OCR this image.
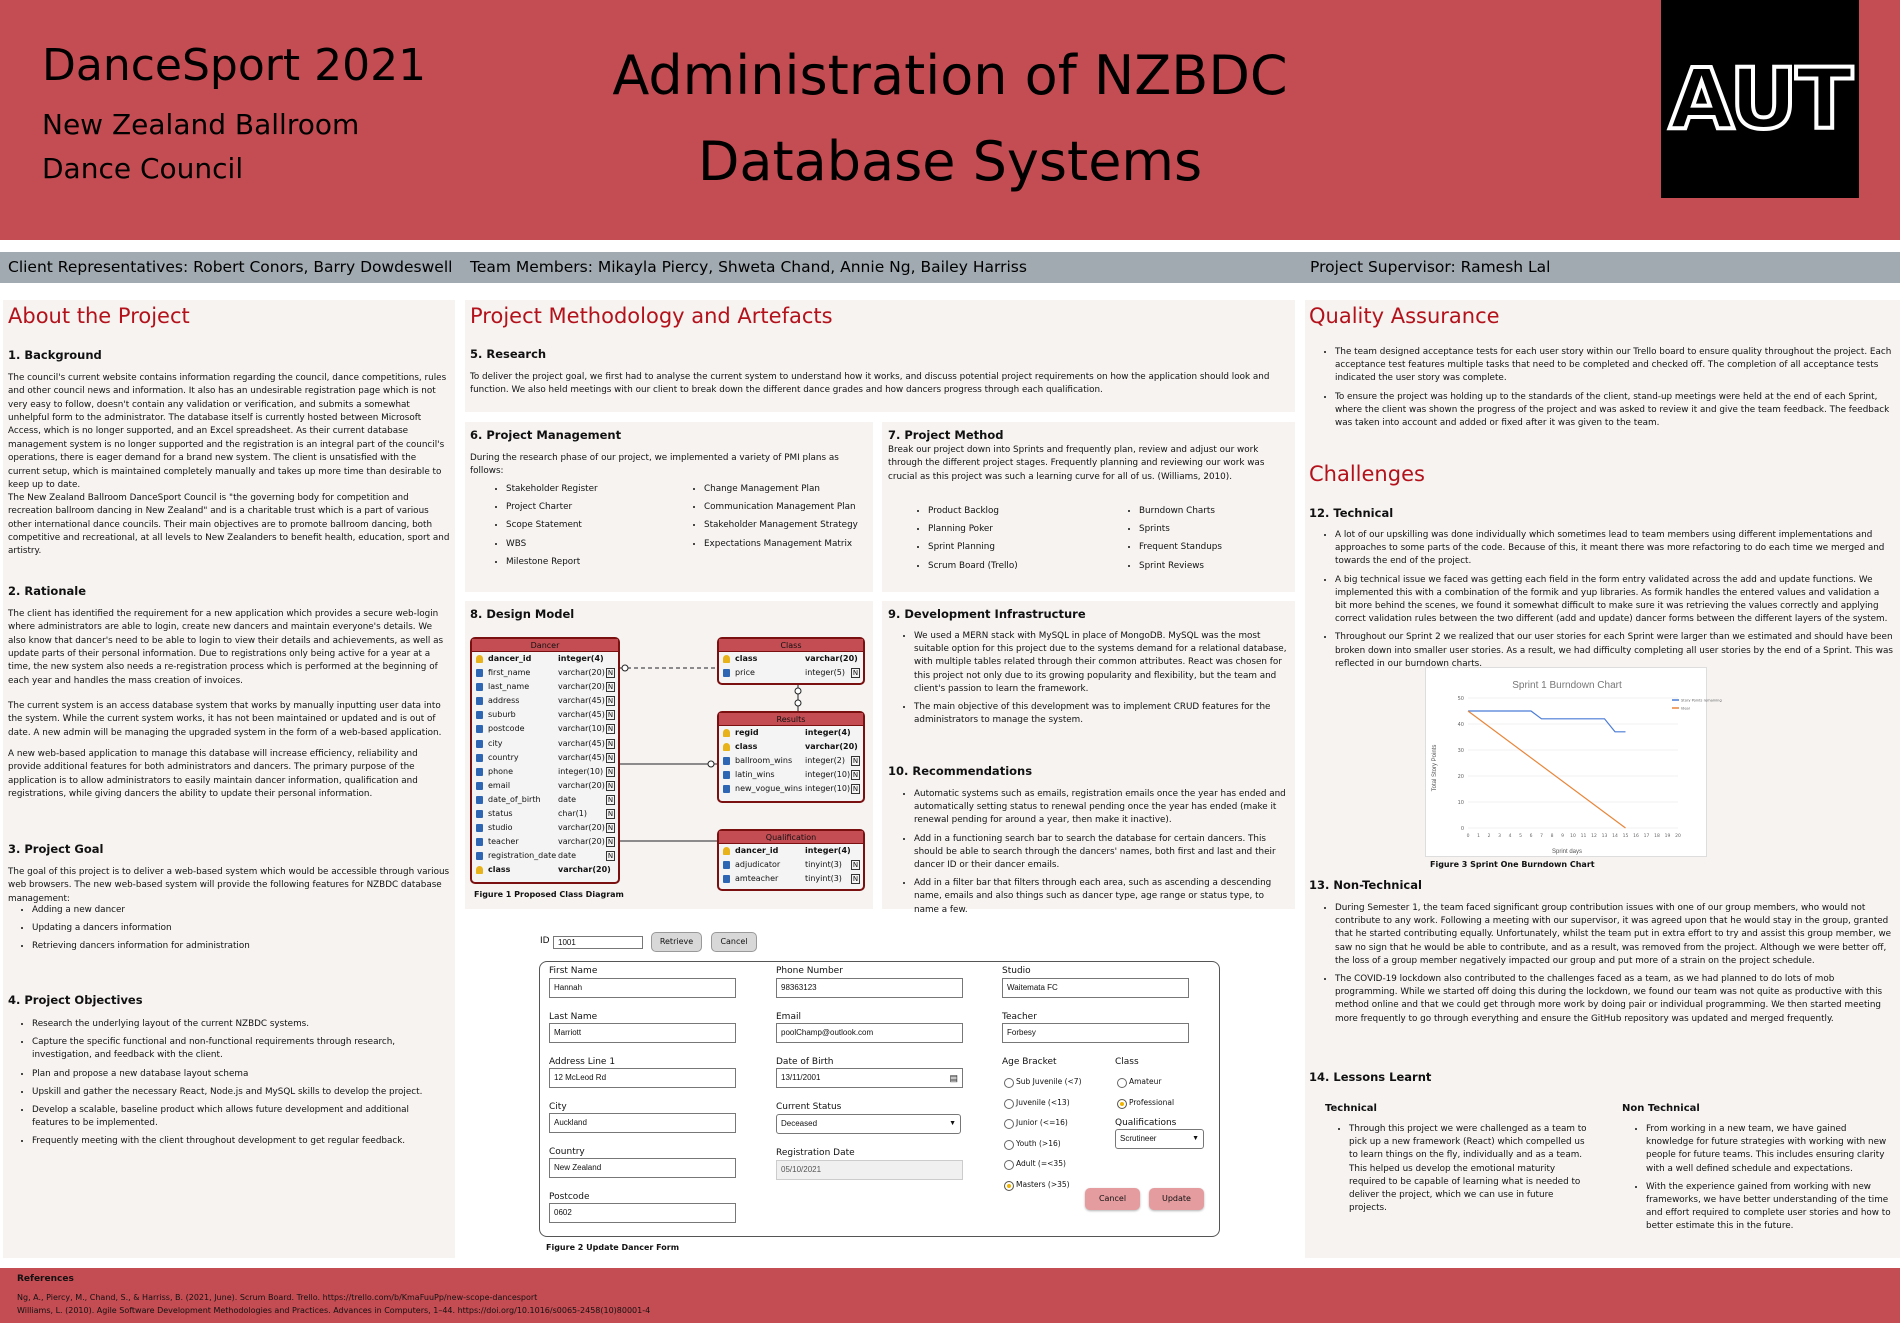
DanceSport 2021
New Zealand Ballroom
Dance Council
Administration of NZBDC
Database Systems
AUT
Client Representatives: Robert Conors, Barry Dowdeswell Team Members: Mikayla Piercy, Shweta Chand, Annie Ng, Bailey Harriss	Project Supervisor: Ramesh Lal
About the Project
1. Background

The council's current website contains information regarding the council, dance competitions, rules and other council news and information. It also has an undesirable registration page which is not very easy to follow, doesn't contain any validation or verification, and submits a somewhat unhelpful form to the administrator. The database itself is currently hosted between Microsoft Access, which is no longer supported, and an Excel spreadsheet. As their current database management system is no longer supported and the registration is an integral part of the council's operations, there is eager demand for a brand new system. The client is unsatisfied with the current setup, which is maintained completely manually and takes up more time than desirable to keep up to date.

The New Zealand Ballroom DanceSport Council is "the governing body for competition and recreation ballroom dancing in New Zealand" and is a charitable trust which is a part of various other international dance councils. Their main objectives are to promote ballroom dancing, both competitive and recreational, at all levels to New Zealanders to benefit health, education, sport and artistry.

2. Rationale

The client has identified the requirement for a new application which provides a secure web-login where administrators are able to login, create new dancers and maintain everyone's details. We also know that dancer's need to be able to login to view their details and achievements, as well as update parts of their personal information. Due to registrations only being active for a year at a time, the new system also needs a re-registration process which is performed at the beginning of each year and handles the mass creation of invoices.

The current system is an access database system that works by manually inputting user data into the system. While the current system works, it has not been maintained or updated and is out of date. A new admin will be managing the upgraded system in the form of a web-based application.

A new web-based application to manage this database will increase efficiency, reliability and provide additional features for both administrators and dancers. The primary purpose of the application is to allow administrators to easily maintain dancer information, qualification and registrations, while giving dancers the ability to update their personal information.

3. Project Goal

The goal of this project is to deliver a web-based system which would be accessible through various web browsers. The new web-based system will provide the following features for NZBDC database management:

• Adding a new dancer
• Updating a dancers information
• Retrieving dancers information for administration
4. Project Objectives
• Research the underlying layout of the current NZBDC systems.
• Capture the specific functional and non-functional requirements through research, investigation, and feedback with the client.
• Plan and propose a new database layout schema
• Upskill and gather the necessary React, Node.js and MySQL skills to develop the project.
• Develop a scalable, baseline product which allows future development and additional features to be implemented.
• Frequently meeting with the client throughout development to get regular feedback.
Project Methodology and Artefacts
5. Research

To deliver the project goal, we first had to analyse the current system to understand how it works, and discuss potential project requirements on how the application should look and function. We also held meetings with our client to break down the different dance grades and how dancers progress through each qualification.

6. Project Management

During the research phase of our project, we implemented a variety of PMI plans as follows:

• Stakeholder Register
• Project Charter
• Scope Statement
• WBS
• Milestone Report
• Change Management Plan
• Communication Management Plan
• Stakeholder Management Strategy
• Expectations Management Matrix
7. Project Method

Break our project down into Sprints and frequently plan, review and adjust our work through the different project stages. Frequently planning and reviewing our work was crucial as this project was such a learning curve for all of us. (Williams, 2010).

• Product Backlog
• Planning Poker
• Sprint Planning
• Scrum Board (Trello)
• Burndown Charts
• Sprints
• Frequent Standups
• Sprint Reviews
8. Design Model
Dancer
dancer_id	integer(4)
first_name	varchar(20) N
last_name	varchar(20) N
address	varchar(45) N
suburb	varchar(45) N
postcode	varchar(10) N
city	varchar(45) N
country	varchar(45) N
phone	integer(10) N
email	varchar(20) N
date_of_birth date	N
status	char(1)	N
studio	varchar(20) N
teacher	varchar(20) N
registration_date date	N
class	varchar(20)
Class
class	varchar(20)
price	integer(5) N
Results
regid	integer(4)
class	varchar(20)
ballroom_wins integer(2) N
latin_wins	integer(10) N
new_vogue_wins integer(10) N
Qualification
dancer_id	integer(4)
adjudicator	tinyint(3) N
amteacher	tinyint(3) N
Figure 1 Proposed Class Diagram
9. Development Infrastructure
• We used a MERN stack with MySQL in place of MongoDB. MySQL was the most suitable option for this project due to the systems demand for a relational database, with multiple tables related through their common attributes. React was chosen for this project not only due to its growing popularity and flexibility, but the team and client's passion to learn the framework.
• The main objective of this development was to implement CRUD features for the administrators to manage the system.
10. Recommendations
• Automatic systems such as emails, registration emails once the year has ended and automatically setting status to renewal pending once the year has ended (make it renewal pending for around a year, then make it inactive).
• Add in a functioning search bar to search the database for certain dancers. This should be able to search through the dancers' names, both first and last and their dancer ID or their dancer emails.
• Add in a filter bar that filters through each area, such as ascending a descending name, emails and also things such as dancer type, age range or status type, to name a few.
ID	1001	Retrieve	Cancel
First Name
Hannah
Last Name
Marriott
Address Line 1
12 McLeod Rd
City
Auckland
Country
New Zealand
Postcode
0602
Phone Number
98363123
Email
poolChamp@outlook.com
Date of Birth
13/11/2001	▤
Current Status
Deceased	▼
Registration Date
05/10/2021
Studio
Waitemata FC
Teacher
Forbesy
Age Bracket
Sub Juvenile (<7)
Juvenile (<13)
Junior (<=16)
Youth (>16)
Adult (=<35)
Masters (>35)
Class
Amateur
Professional
Qualifications
Scrutineer	▼
Cancel	Update
Figure 2 Update Dancer Form
Quality Assurance
• The team designed acceptance tests for each user story within our Trello board to ensure quality throughout the project. Each acceptance test features multiple tasks that need to be completed and checked off. The completion of all acceptance tests indicated the user story was complete.
• To ensure the project was holding up to the standards of the client, stand-up meetings were held at the end of each Sprint, where the client was shown the progress of the project and was asked to review it and give the team feedback. The feedback was taken into account and added or fixed after it was given to the team.
Challenges
12. Technical
• A lot of our upskilling was done individually which sometimes lead to team members using different implementations and approaches to some parts of the code. Because of this, it meant there was more refactoring to do each time we merged and towards the end of the project.
• A big technical issue we faced was getting each field in the form entry validated across the add and update functions. We implemented this with a combination of the formik and yup libraries. As formik handles the entered values and validation a bit more behind the scenes, we found it somewhat difficult to make sure it was retrieving the values correctly and applying correct validation rules between the two different (add and update) dancer forms between the different layers of the system.
• Throughout our Sprint 2 we realized that our user stories for each Sprint were larger than we estimated and should have been broken down into smaller user stories. As a result, we had difficulty completing all user stories by the end of a Sprint. This was reflected in our burndown charts.
Sprint 1 Burndown Chart
0
10
20
30
40
50
0 1 2 3 4 5 6 7 8 9 10 11 12 13 14 15 16 17 18 19 20
Sprint days
Total Story Points
Story Points remaining
Ideal
Figure 3 Sprint One Burndown Chart
13. Non-Technical
• During Semester 1, the team faced significant group contribution issues with one of our group members, who would not contribute to any work. Following a meeting with our supervisor, it was agreed upon that he would stay in the group, granted that he started contributing equally. Unfortunately, whilst the team put in extra effort to try and assist this group member, we saw no sign that he would be able to contribute, and as a result, was removed from the project. Although we were better off, the loss of a group member negatively impacted our group and put more of a strain on the project schedule.
• The COVID-19 lockdown also contributed to the challenges faced as a team, as we had planned to do lots of mob programming. While we started off doing this during the lockdown, we found our team was not quite as productive with this method online and that we could get through more work by doing pair or individual programming. We then started meeting more frequently to go through everything and ensure the GitHub repository was updated and merged frequently.
14. Lessons Learnt
Technical
• Through this project we were challenged as a team to pick up a new framework (React) which compelled us to learn things on the fly, individually and as a team. This helped us develop the emotional maturity required to be capable of learning what is needed to deliver the project, which we can use in future projects.
Non Technical
• From working in a new team, we have gained knowledge for future strategies with working with new people for future teams. This includes ensuring clarity with a well defined schedule and expectations.
• With the experience gained from working with new frameworks, we have better understanding of the time and effort required to complete user stories and how to better estimate this in the future.
References
Ng, A., Piercy, M., Chand, S., & Harriss, B. (2021, June). Scrum Board. Trello. https://trello.com/b/KmaFuuPp/new-scope-dancesport
Williams, L. (2010). Agile Software Development Methodologies and Practices. Advances in Computers, 1–44. https://doi.org/10.1016/s0065-2458(10)80001-4
